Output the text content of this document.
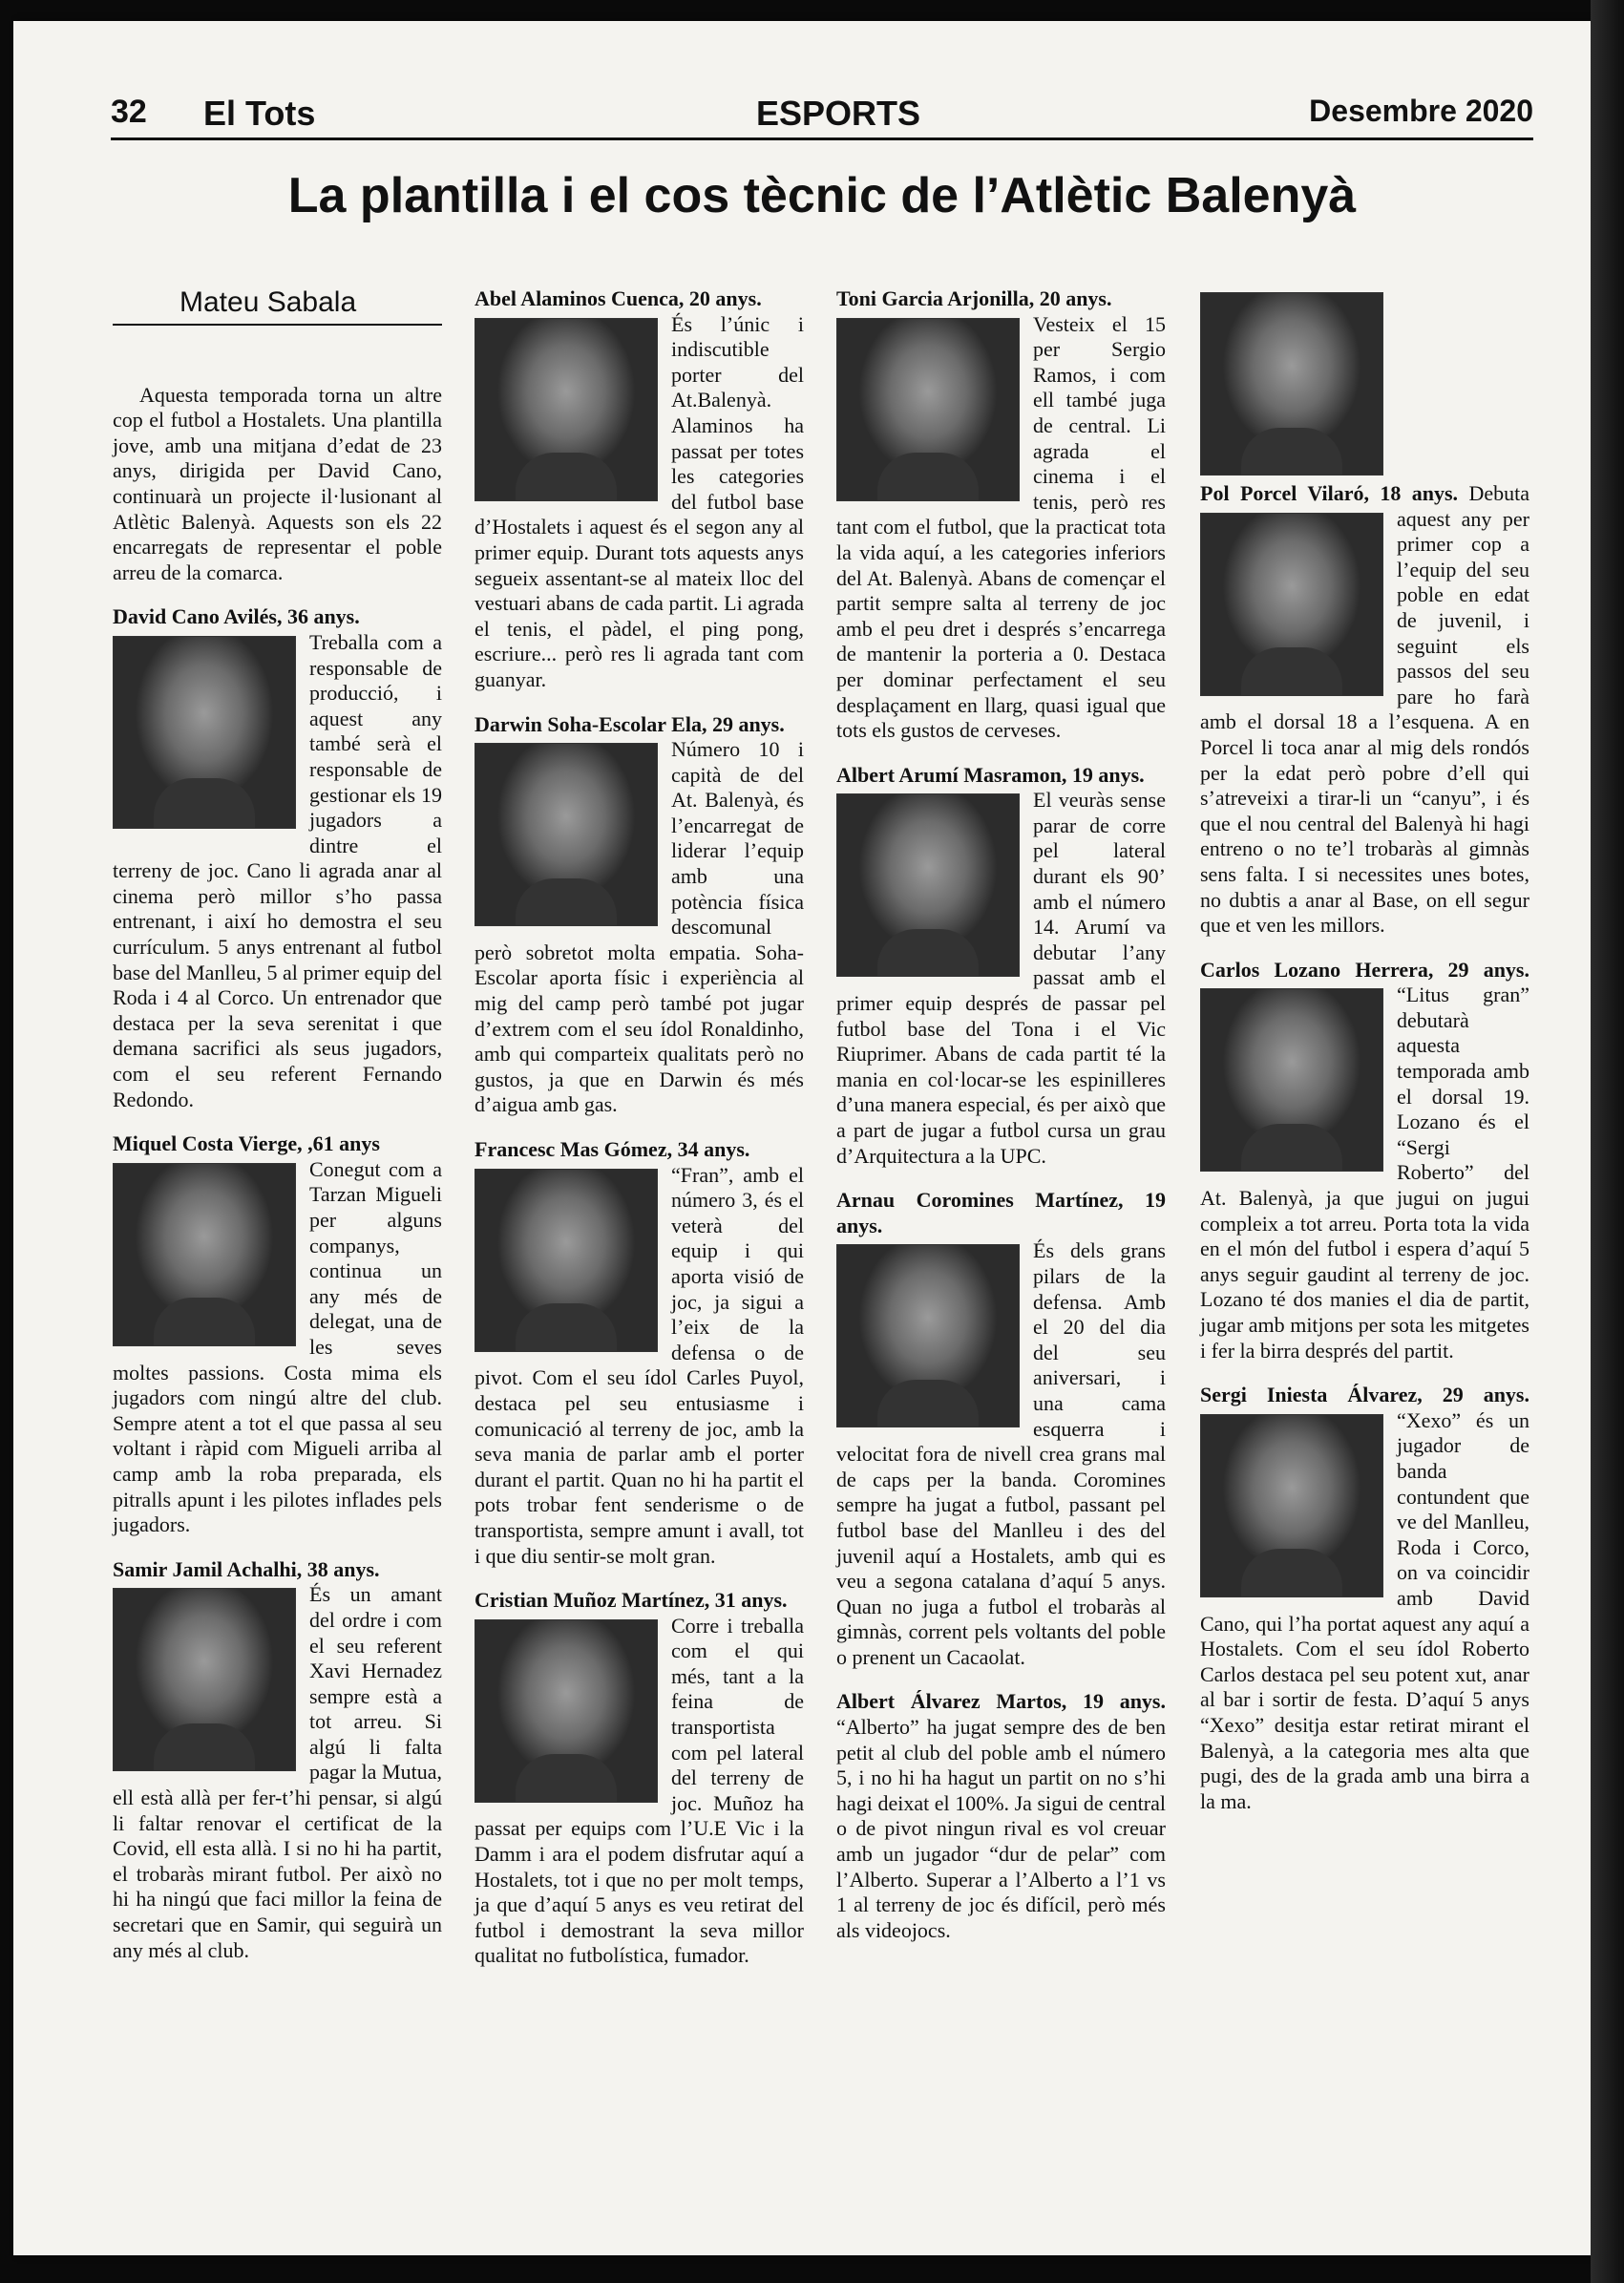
32 El Tots	ESPORTS	Desembre 2020
La plantilla i el cos tècnic de l’Atlètic Balenyà
Mateu Sabala

Aquesta temporada torna un altre cop el futbol a Hostalets. Una plantilla jove, amb una mitjana d’edat de 23 anys, dirigida per David Cano, continuarà un projecte il·lusionant al Atlètic Balenyà. Aquests son els 22 encarregats de representar el poble arreu de la comarca.

David Cano Avilés, 36 anys.

Treballa com a responsable de producció, i aquest any també serà el responsable de gestionar els 19 jugadors a dintre el terreny de joc. Cano li agrada anar al cinema però millor s’ho passa entrenant, i així ho demostra el seu currículum. 5 anys entrenant al futbol base del Manlleu, 5 al primer equip del Roda i 4 al Corco. Un entrenador que destaca per la seva serenitat i que demana sacrifici als seus jugadors, com el seu referent Fernando Redondo.

Miquel Costa Vierge, ,61 anys

Conegut com a Tarzan Migueli per alguns companys, continua un any més de delegat, una de les seves moltes passions. Costa mima els jugadors com ningú altre del club. Sempre atent a tot el que passa al seu voltant i ràpid com Migueli arriba al camp amb la roba preparada, els pitralls apunt i les pilotes inflades pels jugadors.

Samir Jamil Achalhi, 38 anys.

És un amant del ordre i com el seu referent Xavi Hernadez sempre està a tot arreu. Si algú li falta pagar la Mutua, ell està allà per fer-t’hi pensar, si algú li faltar renovar el certificat de la Covid, ell esta allà. I si no hi ha partit, el trobaràs mirant futbol. Per això no hi ha ningú que faci millor la feina de secretari que en Samir, qui seguirà un any més al club.

Abel Alaminos Cuenca, 20 anys.

És l’únic i indiscutible porter del At.Balenyà. Alaminos ha passat per totes les categories del futbol base d’Hostalets i aquest és el segon any al primer equip. Durant tots aquests anys segueix assentant-se al mateix lloc del vestuari abans de cada partit. Li agrada el tenis, el pàdel, el ping pong, escriure... però res li agrada tant com guanyar.

Darwin Soha-Escolar Ela, 29 anys.

Número 10 i capità de del At. Balenyà, és l’encarregat de liderar l’equip amb una potència física descomunal però sobretot molta empatia. Soha-Escolar aporta físic i experiència al mig del camp però també pot jugar d’extrem com el seu ídol Ronaldinho, amb qui comparteix qualitats però no gustos, ja que en Darwin és més d’aigua amb gas.

Francesc Mas Gómez, 34 anys.

“Fran”, amb el número 3, és el veterà del equip i qui aporta visió de joc, ja sigui a l’eix de la defensa o de pivot. Com el seu ídol Carles Puyol, destaca pel seu entusiasme i comunicació al terreny de joc, amb la seva mania de parlar amb el porter durant el partit. Quan no hi ha partit el pots trobar fent senderisme o de transportista, sempre amunt i avall, tot i que diu sentir-se molt gran.

Cristian Muñoz Martínez, 31 anys.

Corre i treballa com el qui més, tant a la feina de transportista com pel lateral del terreny de joc. Muñoz ha passat per equips com l’U.E Vic i la Damm i ara el podem disfrutar aquí a Hostalets, tot i que no per molt temps, ja que d’aquí 5 anys es veu retirat del futbol i demostrant la seva millor qualitat no futbolística, fumador.

Toni Garcia Arjonilla, 20 anys.

Vesteix el 15 per Sergio Ramos, i com ell també juga de central. Li agrada el cinema i el tenis, però res tant com el futbol, que la practicat tota la vida aquí, a les categories inferiors del At. Balenyà. Abans de començar el partit sempre salta al terreny de joc amb el peu dret i després s’encarrega de mantenir la porteria a 0. Destaca per dominar perfectament el seu desplaçament en llarg, quasi igual que tots els gustos de cerveses.

Albert Arumí Masramon, 19 anys.

El veuràs sense parar de corre pel lateral durant els 90’ amb el número 14. Arumí va debutar l’any passat amb el primer equip després de passar pel futbol base del Tona i el Vic Riuprimer. Abans de cada partit té la mania en col·locar-se les espinilleres d’una manera especial, és per això que a part de jugar a futbol cursa un grau d’Arquitectura a la UPC.

Arnau Coromines Martínez, 19 anys.

És dels grans pilars de la defensa. Amb el 20 del dia del seu aniversari, i una cama esquerra i velocitat fora de nivell crea grans mal de caps per la banda. Coromines sempre ha jugat a futbol, passant pel futbol base del Manlleu i des del juvenil aquí a Hostalets, amb qui es veu a segona catalana d’aquí 5 anys. Quan no juga a futbol el trobaràs al gimnàs, corrent pels voltants del poble o prenent un Cacaolat.

Albert Álvarez Martos, 19 anys. “Alberto” ha jugat sempre des de ben petit al club del poble amb el número 5, i no hi ha hagut un partit on no s’hi hagi deixat el 100%. Ja sigui de central o de pivot ningun rival es vol creuar amb un jugador “dur de pelar” com l’Alberto. Superar a l’Alberto a l’1 vs 1 al terreny de joc és difícil, però més als videojocs.

Pol Porcel Vilaró, 18 anys. Debuta aquest any per primer cop a l’equip del seu poble en edat de juvenil, i seguint els passos del seu pare ho farà amb el dorsal 18 a l’esquena. A en Porcel li toca anar al mig dels rondós per la edat però pobre d’ell qui s’atreveixi a tirar-li un “canyu”, i és que el nou central del Balenyà hi hagi entreno o no te’l trobaràs al gimnàs sens falta. I si necessites unes botes, no dubtis a anar al Base, on ell segur que et ven les millors.

Carlos Lozano Herrera, 29 anys.
“Litus gran” debutarà aquesta temporada amb el dorsal 19. Lozano és el “Sergi Roberto” del At. Balenyà, ja que jugui on jugui compleix a tot arreu. Porta tota la vida en el món del futbol i espera d’aquí 5 anys seguir gaudint al terreny de joc. Lozano té dos manies el dia de partit, jugar amb mitjons per sota les mitgetes i fer la birra després del partit.

Sergi Iniesta Álvarez, 29 anys.
“Xexo” és un jugador de banda contundent que ve del Manlleu, Roda i Corco, on va coincidir amb David Cano, qui l’ha portat aquest any aquí a Hostalets. Com el seu ídol Roberto Carlos destaca pel seu potent xut, anar al bar i sortir de festa. D’aquí 5 anys “Xexo” desitja estar retirat mirant el Balenyà, a la categoria mes alta que pugi, des de la grada amb una birra a la ma.
